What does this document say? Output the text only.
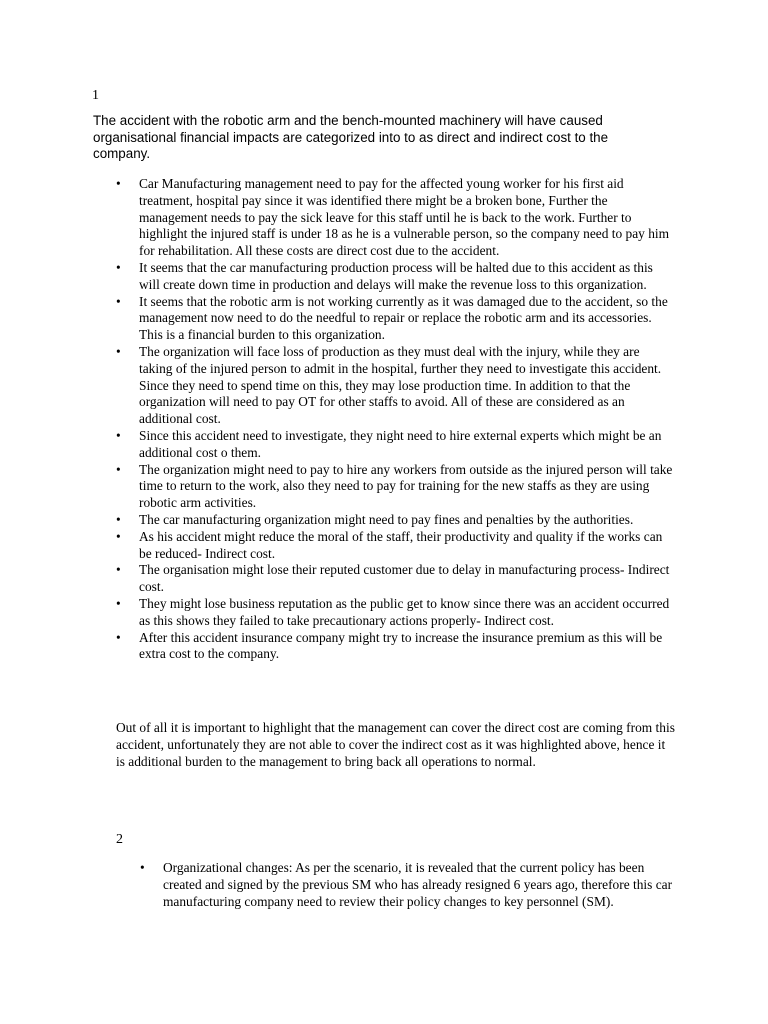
1

The accident with the robotic arm and the bench-mounted machinery will have caused organisational financial impacts are categorized into to as direct and indirect cost to the company.

• Car Manufacturing management need to pay for the affected young worker for his first aid treatment, hospital pay since it was identified there might be a broken bone, Further the management needs to pay the sick leave for this staff until he is back to the work. Further to highlight the injured staff is under 18 as he is a vulnerable person, so the company need to pay him for rehabilitation. All these costs are direct cost due to the accident.
• It seems that the car manufacturing production process will be halted due to this accident as this will create down time in production and delays will make the revenue loss to this organization.
• It seems that the robotic arm is not working currently as it was damaged due to the accident, so the management now need to do the needful to repair or replace the robotic arm and its accessories. This is a financial burden to this organization.
• The organization will face loss of production as they must deal with the injury, while they are taking of the injured person to admit in the hospital, further they need to investigate this accident. Since they need to spend time on this, they may lose production time. In addition to that the organization will need to pay OT for other staffs to avoid. All of these are considered as an additional cost.
• Since this accident need to investigate, they night need to hire external experts which might be an additional cost o them.
• The organization might need to pay to hire any workers from outside as the injured person will take time to return to the work, also they need to pay for training for the new staffs as they are using robotic arm activities.
• The car manufacturing organization might need to pay fines and penalties by the authorities.
• As his accident might reduce the moral of the staff, their productivity and quality if the works can be reduced- Indirect cost.
• The organisation might lose their reputed customer due to delay in manufacturing process- Indirect cost.
• They might lose business reputation as the public get to know since there was an accident occurred as this shows they failed to take precautionary actions properly- Indirect cost.
• After this accident insurance company might try to increase the insurance premium as this will be extra cost to the company.

Out of all it is important to highlight that the management can cover the direct cost are coming from this accident, unfortunately they are not able to cover the indirect cost as it was highlighted above, hence it is additional burden to the management to bring back all operations to normal.

2
• Organizational changes: As per the scenario, it is revealed that the current policy has been created and signed by the previous SM who has already resigned 6 years ago, therefore this car manufacturing company need to review their policy changes to key personnel (SM).
